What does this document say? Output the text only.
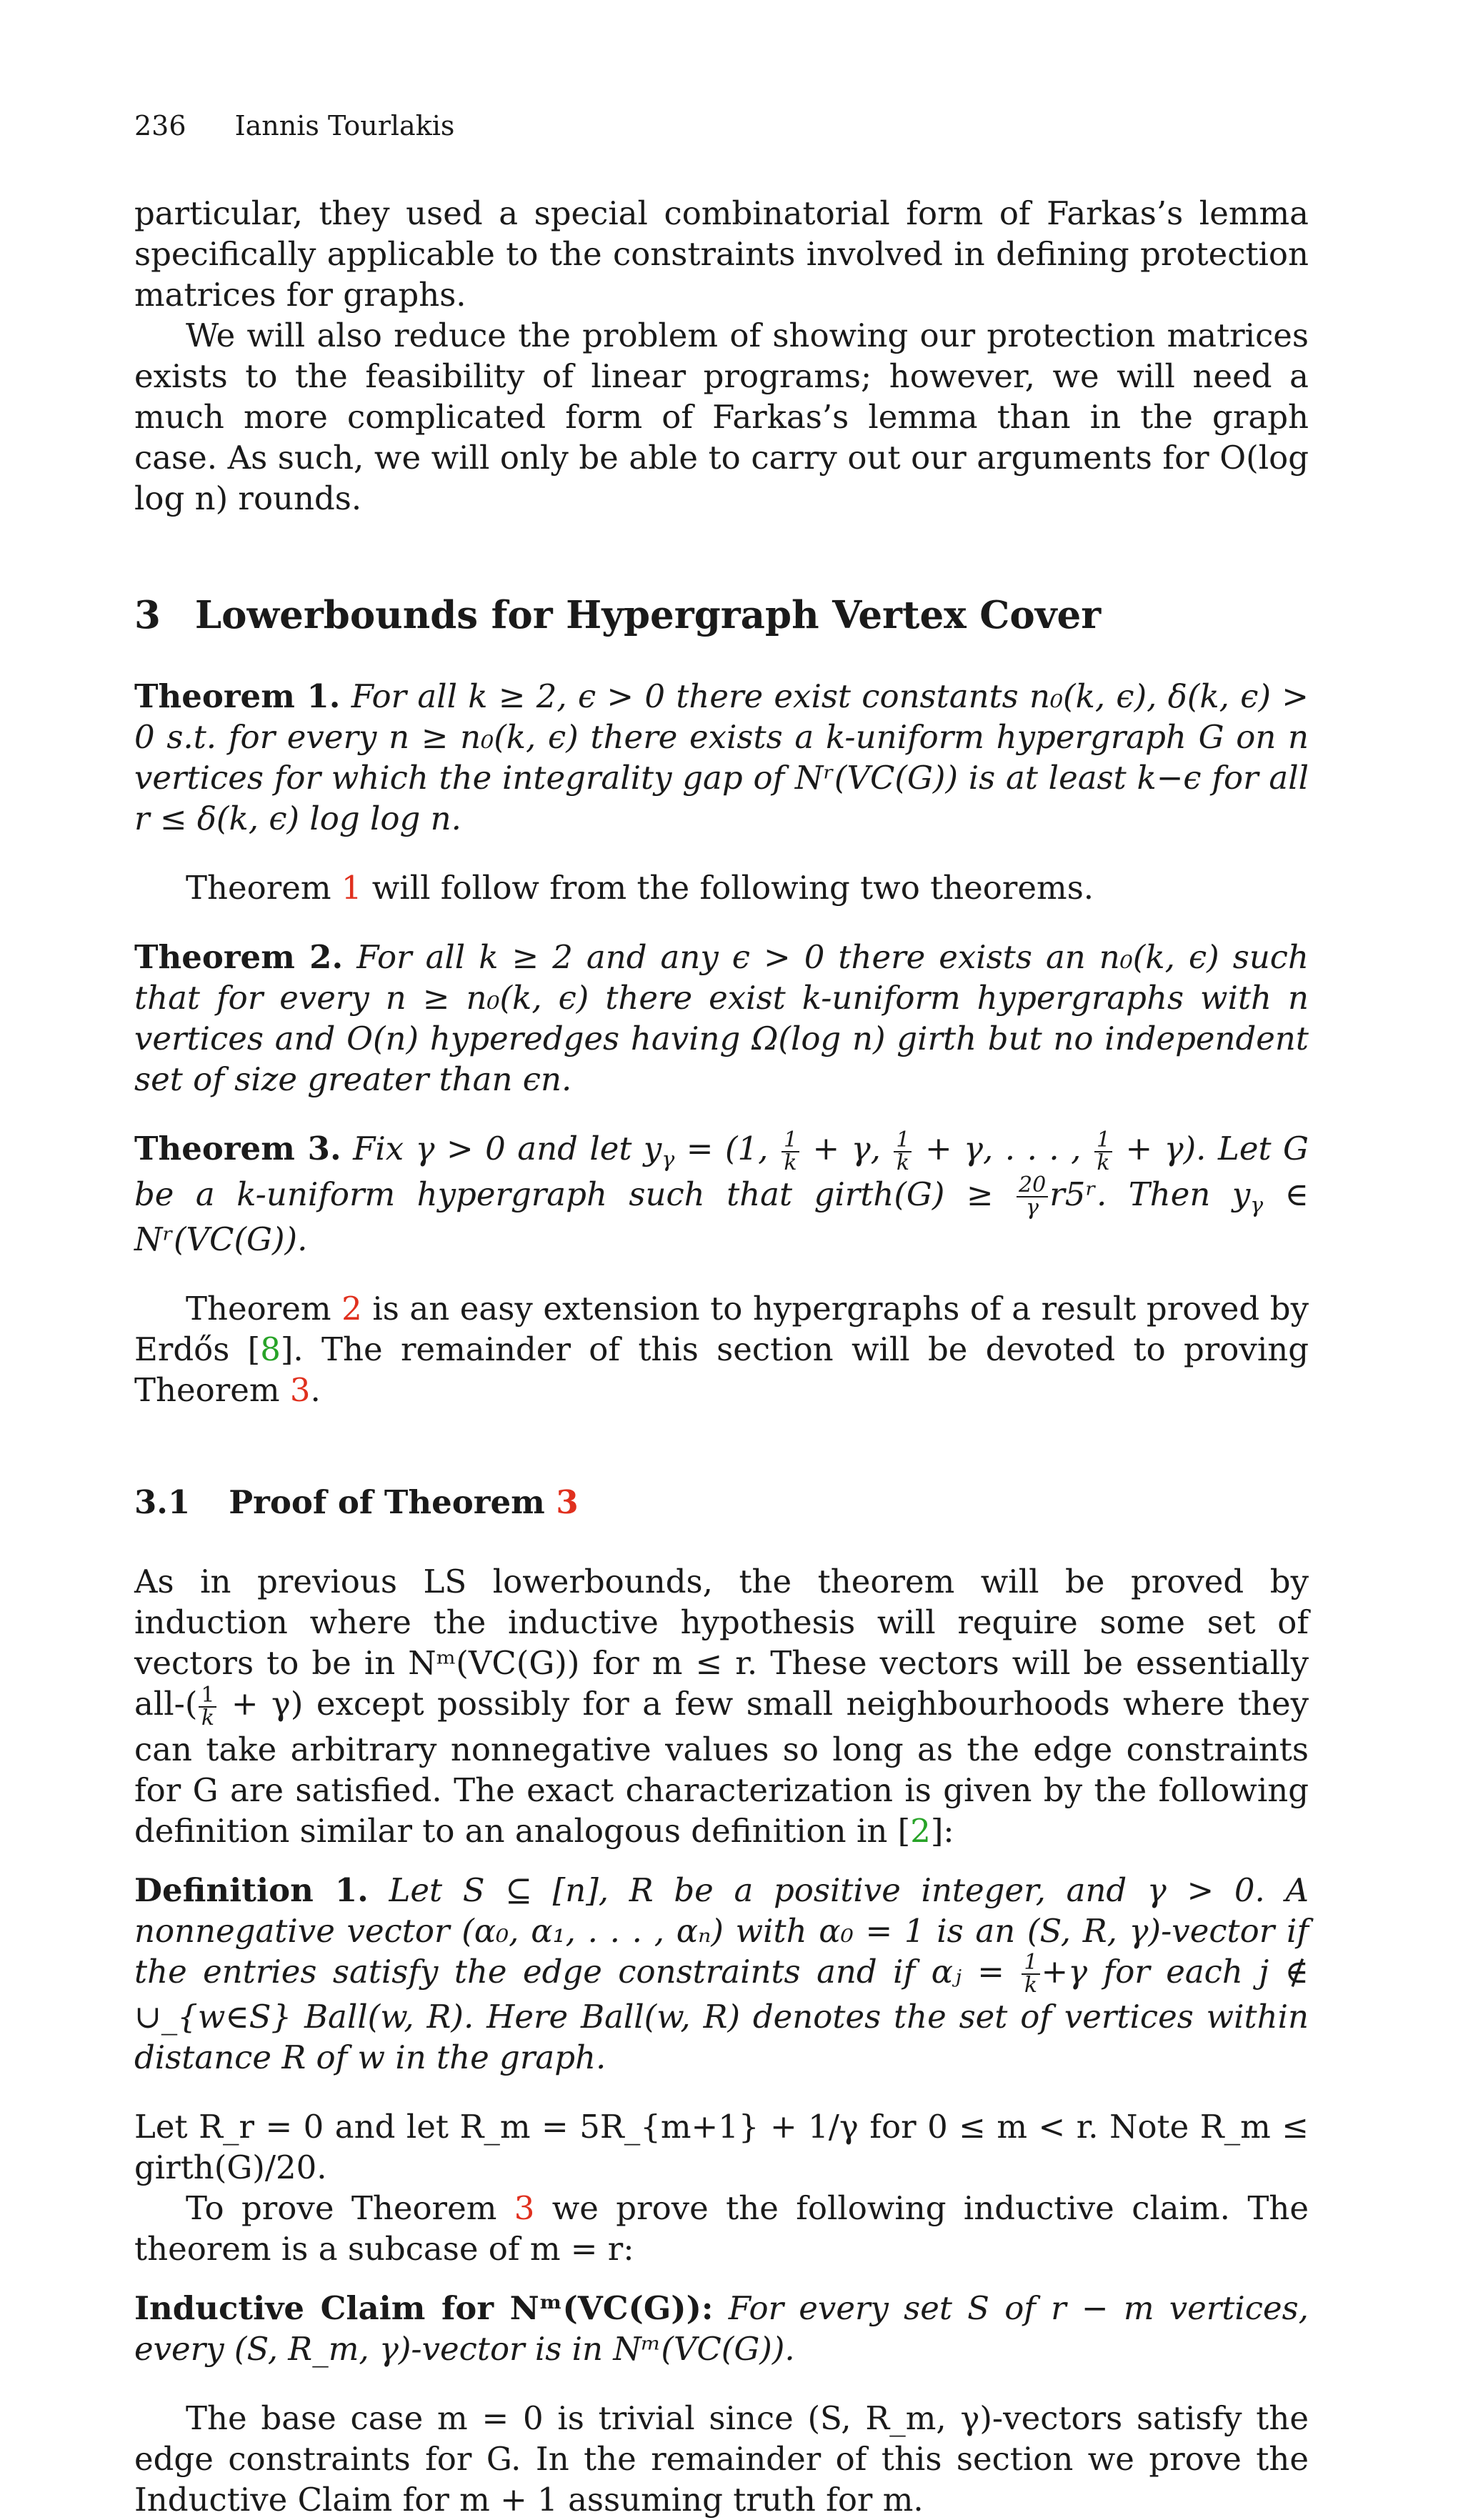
236 Iannis Tourlakis

particular, they used a special combinatorial form of Farkas’s lemma specifically applicable to the constraints involved in defining protection matrices for graphs.

We will also reduce the problem of showing our protection matrices exists to the feasibility of linear programs; however, we will need a much more complicated form of Farkas’s lemma than in the graph case. As such, we will only be able to carry out our arguments for O(log log n) rounds.

3 Lowerbounds for Hypergraph Vertex Cover

Theorem 1. For all k ≥ 2, ϵ > 0 there exist constants n₀(k, ϵ), δ(k, ϵ) > 0 s.t. for every n ≥ n₀(k, ϵ) there exists a k-uniform hypergraph G on n vertices for which the integrality gap of Nʳ(VC(G)) is at least k−ϵ for all r ≤ δ(k, ϵ) log log n.

Theorem 1 will follow from the following two theorems.

Theorem 2. For all k ≥ 2 and any ϵ > 0 there exists an n₀(k, ϵ) such that for every n ≥ n₀(k, ϵ) there exist k-uniform hypergraphs with n vertices and O(n) hyperedges having Ω(log n) girth but no independent set of size greater than ϵn.

Theorem 3. Fix γ > 0 and let $y_\gamma = (1$, $\frac{1}{k} + \gamma$, $\frac{1}{k} + \gamma$, . . . , $\frac{1}{k} + \gamma$). Let G be a k-uniform hypergraph such that girth(G) ≥ $\frac{20}{\gamma}$ r5ʳ. Then $y_\gamma$ ∈ Nʳ(VC(G)).

Theorem 2 is an easy extension to hypergraphs of a result proved by Erdős [8]. The remainder of this section will be devoted to proving Theorem 3.

3.1 Proof of Theorem 3

As in previous LS lowerbounds, the theorem will be proved by induction where the inductive hypothesis will require some set of vectors to be in Nᵐ(VC(G)) for m ≤ r. These vectors will be essentially $all-( \frac{1}{k} + \gamma)$ except possibly for a few small neighbourhoods where they can take arbitrary nonnegative values so long as the edge constraints for G are satisfied. The exact characterization is given by the following definition similar to an analogous definition in [2]:

Definition 1. Let S ⊆ [n], R be a positive integer, and γ > 0. A nonnegative vector (α₀, α₁, . . . , αₙ) with α₀ = 1 is an (S, R, γ)-vector if the entries satisfy the edge constraints and if αⱼ = $\frac{1}{k} +\gamma$ for each j ∉ ∪_{w∈S} Ball(w, R). Here Ball(w, R) denotes the set of vertices within distance R of w in the graph.

Let R_r = 0 and let R_m = 5R_{m+1} + 1/γ for 0 ≤ m < r. Note R_m ≤ girth(G)/20.

To prove Theorem 3 we prove the following inductive claim. The theorem is a subcase of m = r:

Inductive Claim for Nᵐ(VC(G)): For every set S of r − m vertices, every (S, R_m, γ)-vector is in Nᵐ(VC(G)).

The base case m = 0 is trivial since (S, R_m, γ)-vectors satisfy the edge constraints for G. In the remainder of this section we prove the Inductive Claim for m + 1 assuming truth for m.
